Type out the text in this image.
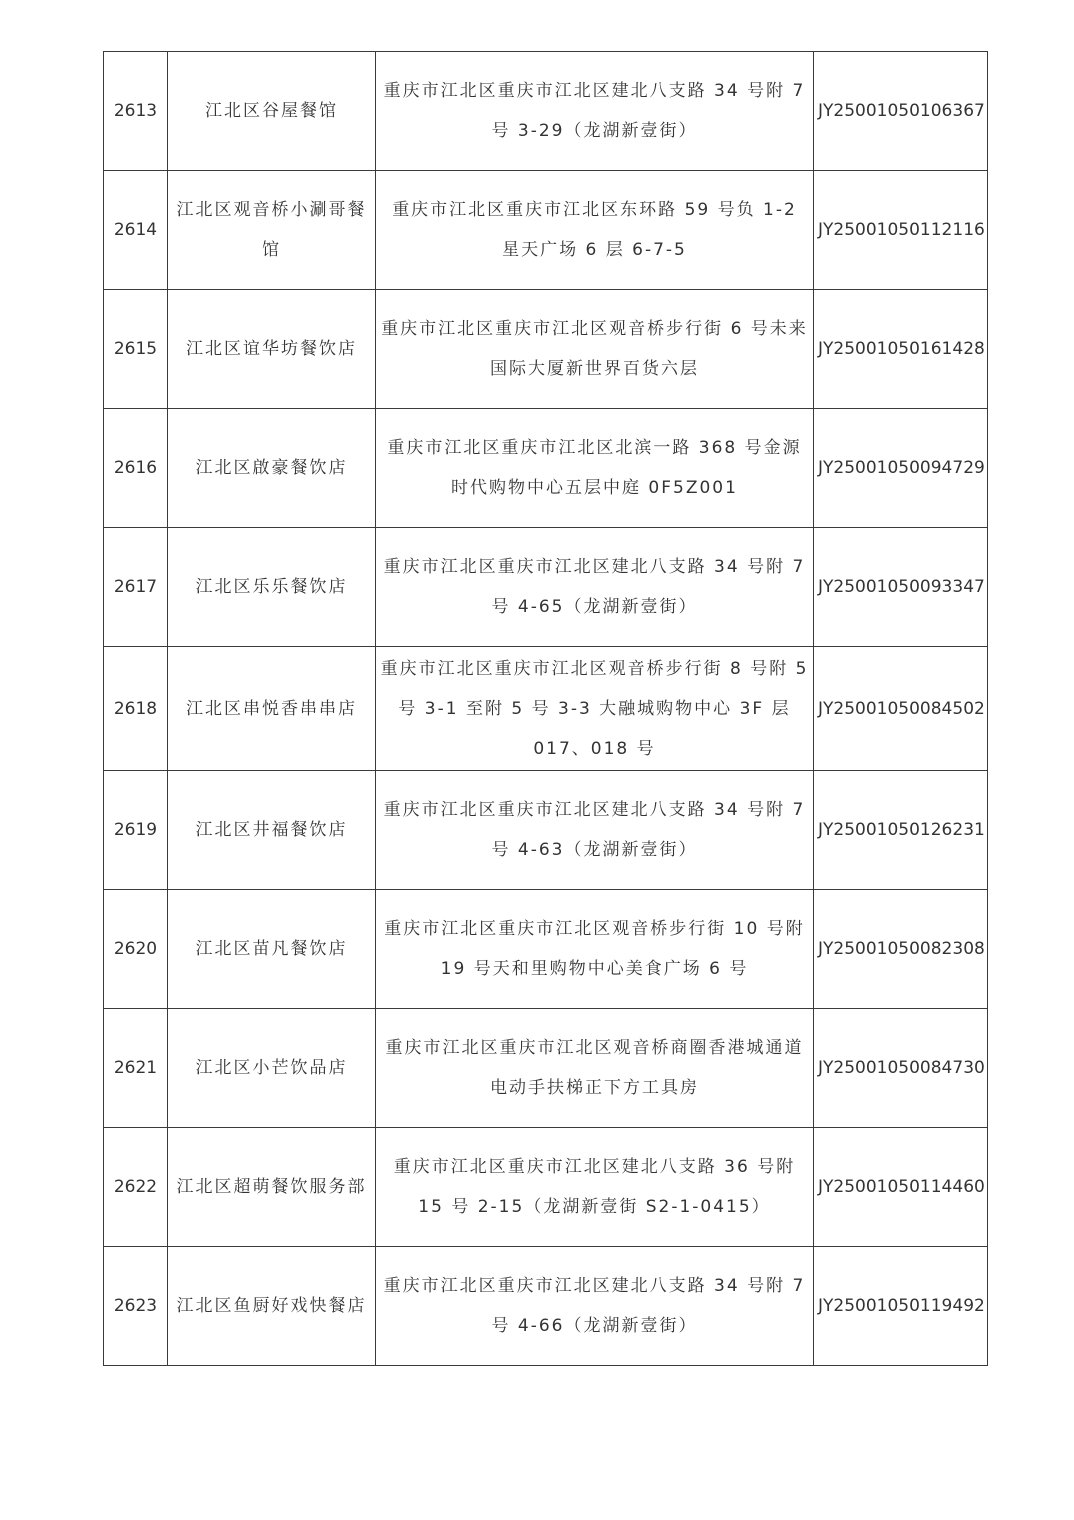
2613	江北区谷屋餐馆	重庆市江北区重庆市江北区建北八支路 34 号附 7 号 3-29（龙湖新壹街）	JY25001050106367
2614	江北区观音桥小涮哥餐馆	重庆市江北区重庆市江北区东环路 59 号负 1-2 星天广场 6 层 6-7-5	JY25001050112116
2615	江北区谊华坊餐饮店	重庆市江北区重庆市江北区观音桥步行街 6 号未来国际大厦新世界百货六层	JY25001050161428
2616	江北区啟豪餐饮店	重庆市江北区重庆市江北区北滨一路 368 号金源时代购物中心五层中庭 0F5Z001	JY25001050094729
2617	江北区乐乐餐饮店	重庆市江北区重庆市江北区建北八支路 34 号附 7 号 4-65（龙湖新壹街）	JY25001050093347
2618	江北区串悦香串串店	重庆市江北区重庆市江北区观音桥步行街 8 号附 5 号 3-1 至附 5 号 3-3 大融城购物中心 3F 层 017、018 号	JY25001050084502
2619	江北区井福餐饮店	重庆市江北区重庆市江北区建北八支路 34 号附 7 号 4-63（龙湖新壹街）	JY25001050126231
2620	江北区苗凡餐饮店	重庆市江北区重庆市江北区观音桥步行街 10 号附 19 号天和里购物中心美食广场 6 号	JY25001050082308
2621	江北区小芒饮品店	重庆市江北区重庆市江北区观音桥商圈香港城通道电动手扶梯正下方工具房	JY25001050084730
2622	江北区超萌餐饮服务部	重庆市江北区重庆市江北区建北八支路 36 号附 15 号 2-15（龙湖新壹街 S2-1-0415）	JY25001050114460
2623	江北区鱼厨好戏快餐店	重庆市江北区重庆市江北区建北八支路 34 号附 7 号 4-66（龙湖新壹街）	JY25001050119492
